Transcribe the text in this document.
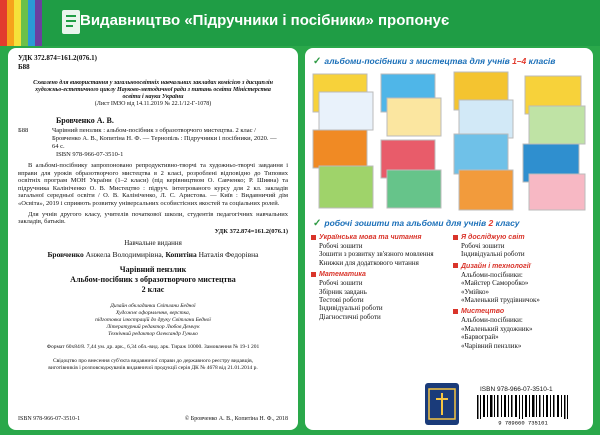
Видавництво «Підручники і посібники» пропонує
УДК 372.874=161.2(076.1)
Б88
Схвалено для використання у загальноосвітніх навчальних закладах комісією з дисциплін художньо-естетичного циклу Науково-методичної ради з питань освіти Міністерства освіти і науки України
(Лист ІМЗО від 14.11.2019 № 22.1/12-Г-1078)
Бровченко А. В.
Б88	Чарівний пензлик : альбом-посібник з образотворчого мистецтва. 2 клас / Бровченко А. В., Копитіна Н. Ф. — Тернопіль : Підручники і посібники, 2020. — 64 с.
ISBN 978-966-07-3510-1
В альбомі-посібнику запропоновано репродуктивно-творчі та художньо-творчі завдання і вправи для уроків образотворчого мистецтва в 2 класі, розроблені відповідно до Типових освітніх програм МОН України (1–2 класи) (під керівництвом О. Савченко; Р. Шияна) та підручника Калініченко О. В. Мистецтво : підруч. інтегрованого курсу для 2 кл. закладів загальної середньої освіти / О. В. Калініченко, Л. С. Аристова. — Київ : Видавничий дім «Освіта», 2019 і сприяють розвитку універсальних особистісних якостей та соціальних ролей.
Для учнів другого класу, учителів початкової школи, студентів педагогічних навчальних закладів, батьків.
УДК 372.874=161.2(076.1)
Навчальне видання
Бровченко Анжела Володимирівна, Копитіна Наталія Федорівна
Чарівний пензлик
Альбом-посібник з образотворчого мистецтва
2 клас
Дизайн обкладинки Світлани Бедної
Художнє оформлення, верстка,
підготовка ілюстрацій до друку Світлани Бедної
Літературний редактор Любов Демчук
Технічний редактор Олександр Гунько
Формат 60х84/8. 7,44 ум. др. арк., 6,34 обл.-вид. арк. Тираж 10000. Замовлення № 19-1 201
Свідоцтво про внесення суб'єкта видавничої справи до державного реєстру видавців,
виготівників і розповсюджувачів видавничої продукції серія ДК № 4678 від 21.01.2014 р.
ISBN 978-966-07-3510-1	© Бровченко А. В., Копитіна Н. Ф., 2018
✓ альбоми-посібники з мистецтва для учнів 1–4 класів
✓ робочі зошити та альбоми для учнів 2 класу
Українська мова та читання
Робочі зошити
Зошити з розвитку зв'язного мовлення
Книжки для додаткового читання
Математика
Робочі зошити
Збірник завдань
Тестові роботи
Індивідуальні роботи
Діагностичні роботи
Я досліджую світ
Робочі зошити
Індивідуальні роботи
Дизайн і технології
Альбоми-посібники:
«Майстер Саморобко»
«Умійко»
«Маленький трудівничок»
Мистецтво
Альбоми-посібники:
«Маленький художник»
«Барвограй»
«Чарівний пензлик»
ISBN 978-966-07-3510-1
9 789660 735101
